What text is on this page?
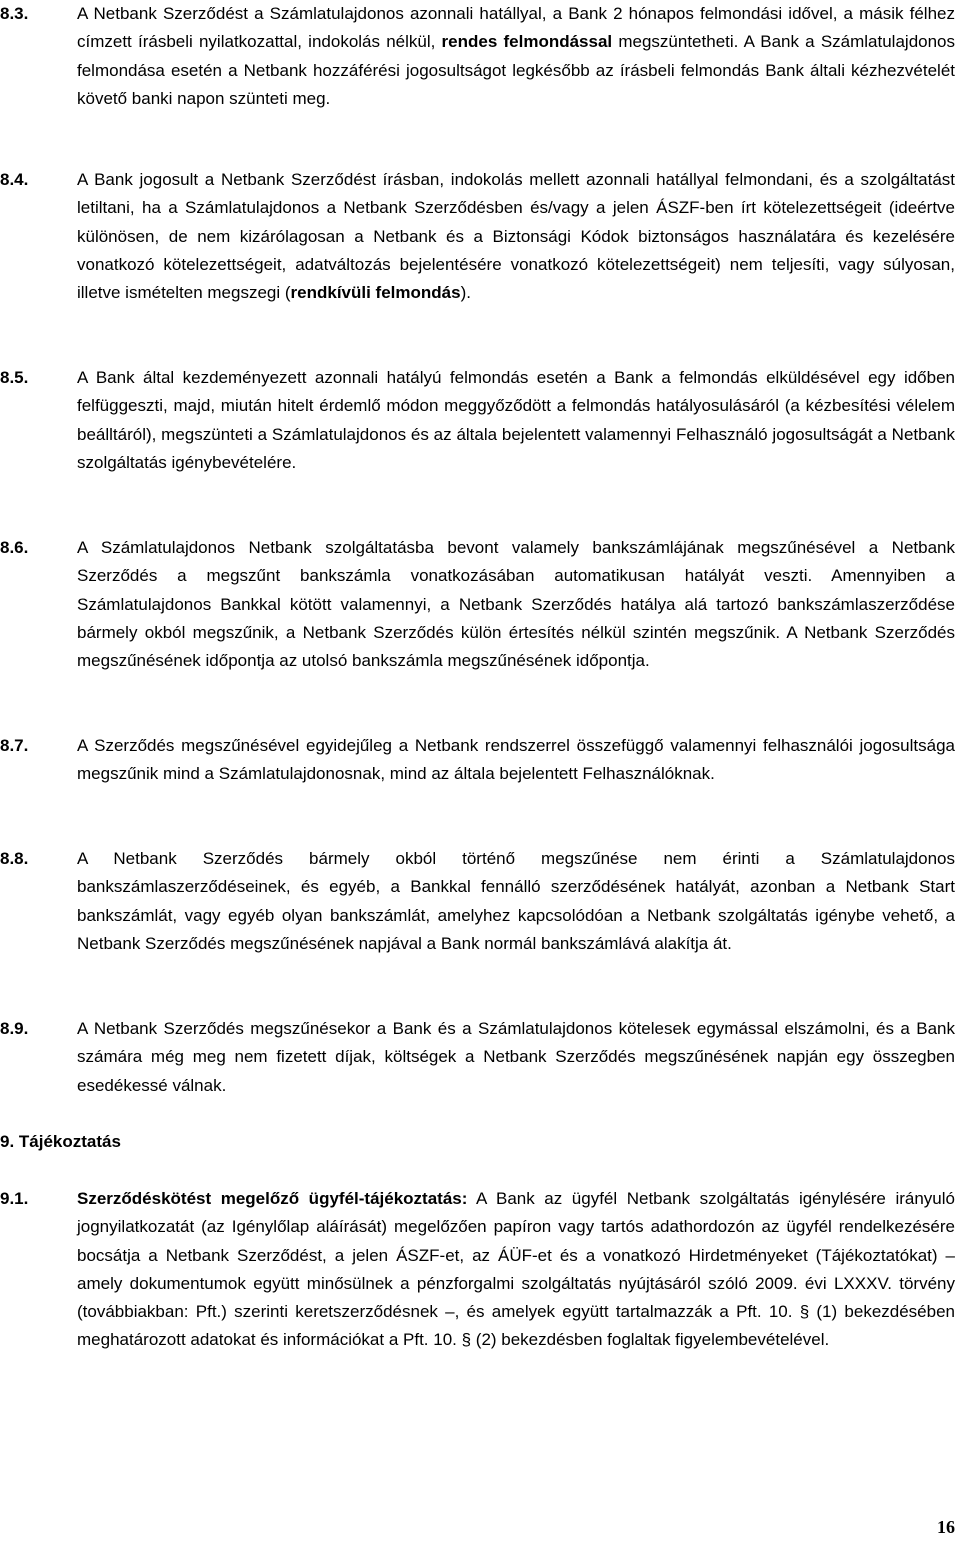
8.3.	A Netbank Szerződést a Számlatulajdonos azonnali hatállyal, a Bank 2 hónapos felmondási idővel, a másik félhez címzett írásbeli nyilatkozattal, indokolás nélkül, rendes felmondással megszüntetheti. A Bank a Számlatulajdonos felmondása esetén a Netbank hozzáférési jogosultságot legkésőbb az írásbeli felmondás Bank általi kézhezvételét követő banki napon szünteti meg.

8.4.	A Bank jogosult a Netbank Szerződést írásban, indokolás mellett azonnali hatállyal felmondani, és a szolgáltatást letiltani, ha a Számlatulajdonos a Netbank Szerződésben és/vagy a jelen ÁSZF-ben írt kötelezettségeit (ideértve különösen, de nem kizárólagosan a Netbank és a Biztonsági Kódok biztonságos használatára és kezelésére vonatkozó kötelezettségeit, adatváltozás bejelentésére vonatkozó kötelezettségeit) nem teljesíti, vagy súlyosan, illetve ismételten megszegi (rendkívüli felmondás).

8.5.	A Bank által kezdeményezett azonnali hatályú felmondás esetén a Bank a felmondás elküldésével egy időben felfüggeszti, majd, miután hitelt érdemlő módon meggyőződött a felmondás hatályosulásáról (a kézbesítési vélelem beálltáról), megszünteti a Számlatulajdonos és az általa bejelentett valamennyi Felhasználó jogosultságát a Netbank szolgáltatás igénybevételére.

8.6.	A Számlatulajdonos Netbank szolgáltatásba bevont valamely bankszámlájának megszűnésével a Netbank Szerződés a megszűnt bankszámla vonatkozásában automatikusan hatályát veszti. Amennyiben a Számlatulajdonos Bankkal kötött valamennyi, a Netbank Szerződés hatálya alá tartozó bankszámlaszerződése bármely okból megszűnik, a Netbank Szerződés külön értesítés nélkül szintén megszűnik. A Netbank Szerződés megszűnésének időpontja az utolsó bankszámla megszűnésének időpontja.

8.7.	A Szerződés megszűnésével egyidejűleg a Netbank rendszerrel összefüggő valamennyi felhasználói jogosultsága megszűnik mind a Számlatulajdonosnak, mind az általa bejelentett Felhasználóknak.

8.8.	A Netbank Szerződés bármely okból történő megszűnése nem érinti a Számlatulajdonos bankszámlaszerződéseinek, és egyéb, a Bankkal fennálló szerződésének hatályát, azonban a Netbank Start bankszámlát, vagy egyéb olyan bankszámlát, amelyhez kapcsolódóan a Netbank szolgáltatás igénybe vehető, a Netbank Szerződés megszűnésének napjával a Bank normál bankszámlává alakítja át.

8.9.	A Netbank Szerződés megszűnésekor a Bank és a Számlatulajdonos kötelesek egymással elszámolni, és a Bank számára még meg nem fizetett díjak, költségek a Netbank Szerződés megszűnésének napján egy összegben esedékessé válnak.

9. Tájékoztatás
9.1.	Szerződéskötést megelőző ügyfél-tájékoztatás: A Bank az ügyfél Netbank szolgáltatás igénylésére irányuló jognyilatkozatát (az Igénylőlap aláírását) megelőzően papíron vagy tartós adathordozón az ügyfél rendelkezésére bocsátja a Netbank Szerződést, a jelen ÁSZF-et, az ÁÜF-et és a vonatkozó Hirdetményeket (Tájékoztatókat) – amely dokumentumok együtt minősülnek a pénzforgalmi szolgáltatás nyújtásáról szóló 2009. évi LXXXV. törvény (továbbiakban: Pft.) szerinti keretszerződésnek –, és amelyek együtt tartalmazzák a Pft. 10. § (1) bekezdésében meghatározott adatokat és információkat a Pft. 10. § (2) bekezdésben foglaltak figyelembevételével.

16
